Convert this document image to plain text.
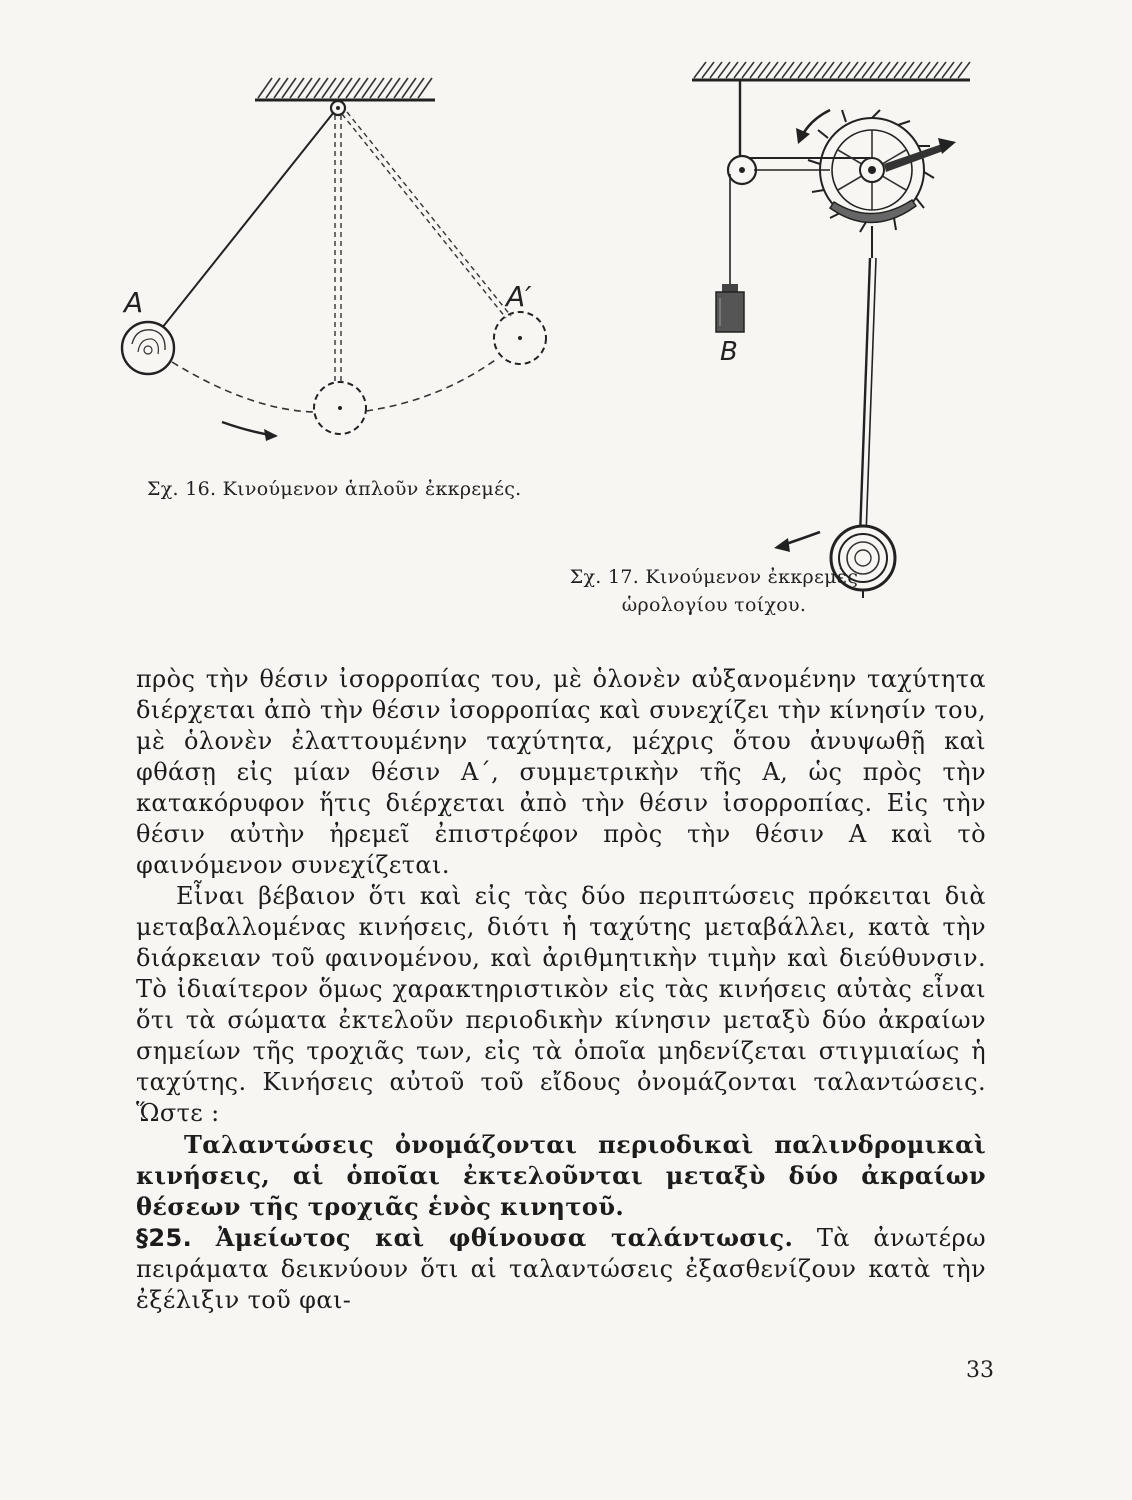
A	A′
B
Σχ. 16. Κινούμενον ἁπλοῦν ἐκκρεμές.
Σχ. 17. Κινούμενον ἐκκρεμὲς
ὡρολογίου τοίχου.

πρὸς τὴν θέσιν ἰσορροπίας του, μὲ ὁλονὲν αὐξανομένην ταχύτητα διέρχεται ἀπὸ τὴν θέσιν ἰσορροπίας καὶ συνεχίζει τὴν κίνησίν του, μὲ ὁλονὲν ἐλαττουμένην ταχύτητα, μέχρις ὅτου ἀνυψωθῇ καὶ φθάσῃ εἰς μίαν θέσιν Α΄, συμμετρικὴν τῆς Α, ὡς πρὸς τὴν κατακόρυφον ἥτις διέρχεται ἀπὸ τὴν θέσιν ἰσορροπίας. Εἰς τὴν θέσιν αὐτὴν ἠρεμεῖ ἐπιστρέφον πρὸς τὴν θέσιν Α καὶ τὸ φαινόμενον συνεχίζεται.

Εἶναι βέβαιον ὅτι καὶ εἰς τὰς δύο περιπτώσεις πρόκειται διὰ μεταβαλλομένας κινήσεις, διότι ἡ ταχύτης μεταβάλλει, κατὰ τὴν διάρκειαν τοῦ φαινομένου, καὶ ἀριθμητικὴν τιμὴν καὶ διεύθυνσιν. Τὸ ἰδιαίτερον ὅμως χαρακτηριστικὸν εἰς τὰς κινήσεις αὐτὰς εἶναι ὅτι τὰ σώματα ἐκτελοῦν περιοδικὴν κίνησιν μεταξὺ δύο ἀκραίων σημείων τῆς τροχιᾶς των, εἰς τὰ ὁποῖα μηδενίζεται στιγμιαίως ἡ ταχύτης. Κινήσεις αὐτοῦ τοῦ εἴδους ὀνομάζονται ταλαντώσεις. Ὥστε :

Ταλαντώσεις ὀνομάζονται περιοδικαὶ παλινδρομικαὶ κινήσεις, αἱ ὁποῖαι ἐκτελοῦνται μεταξὺ δύο ἀκραίων θέσεων τῆς τροχιᾶς ἑνὸς κινητοῦ.

§25. Ἀμείωτος καὶ φθίνουσα ταλάντωσις. Τὰ ἀνωτέρω πειράματα δεικνύουν ὅτι αἱ ταλαντώσεις ἐξασθενίζουν κατὰ τὴν ἐξέλιξιν τοῦ φαι-

33
